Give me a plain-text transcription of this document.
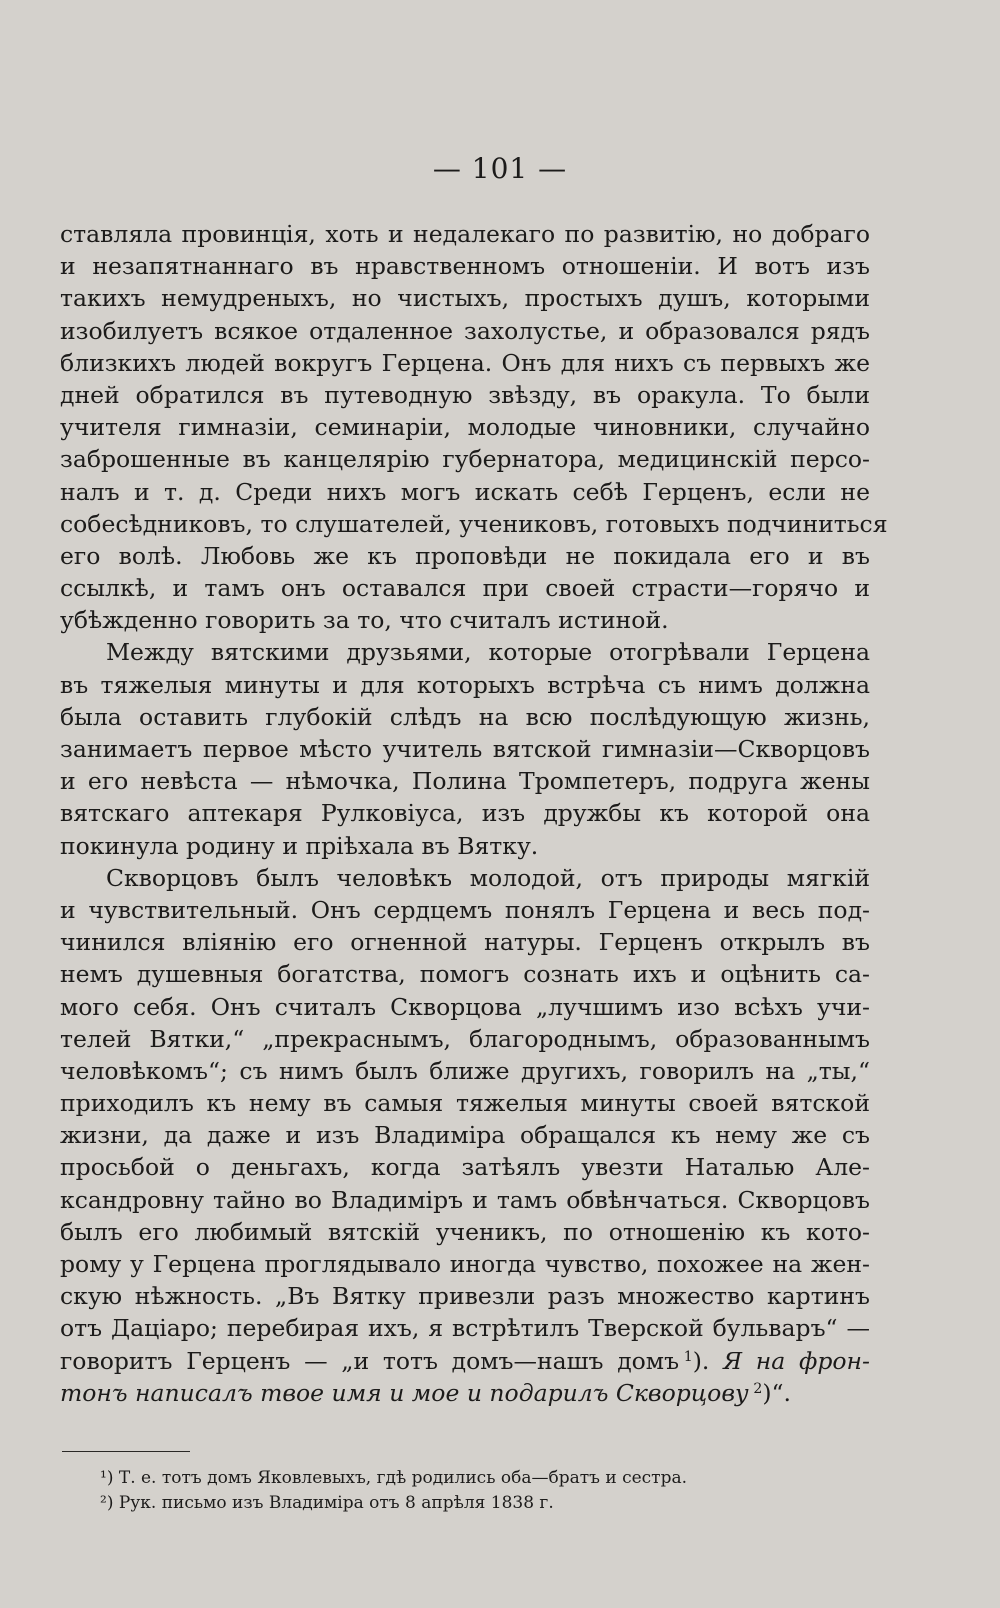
— 101 —
ставляла провинція, хоть и недалекаго по развитію, но добраго
и незапятнаннаго въ нравственномъ отношеніи. И вотъ изъ
такихъ немудреныхъ, но чистыхъ, простыхъ душъ, которыми
изобилуетъ всякое отдаленное захолустье, и образовался рядъ
близкихъ людей вокругъ Герцена. Онъ для нихъ съ первыхъ же
дней обратился въ путеводную звѣзду, въ оракула. То были
учителя гимназіи, семинаріи, молодые чиновники, случайно
заброшенные въ канцелярію губернатора, медицинскій персо-
налъ и т. д. Среди нихъ могъ искать себѣ Герценъ, если не
собесѣдниковъ, то слушателей, учениковъ, готовыхъ подчиниться
его волѣ. Любовь же къ проповѣди не покидала его и въ
ссылкѣ, и тамъ онъ оставался при своей страсти—горячо и
убѣжденно говорить за то, что считалъ истиной.
Между вятскими друзьями, которые отогрѣвали Герцена
въ тяжелыя минуты и для которыхъ встрѣча съ нимъ должна
была оставить глубокій слѣдъ на всю послѣдующую жизнь,
занимаетъ первое мѣсто учитель вятской гимназіи—Скворцовъ
и его невѣста — нѣмочка, Полина Тромпетеръ, подруга жены
вятскаго аптекаря Рулковіуса, изъ дружбы къ которой она
покинула родину и пріѣхала въ Вятку.
Скворцовъ былъ человѣкъ молодой, отъ природы мягкій
и чувствительный. Онъ сердцемъ понялъ Герцена и весь под-
чинился вліянію его огненной натуры. Герценъ открылъ въ
немъ душевныя богатства, помогъ сознать ихъ и оцѣнить са-
мого себя. Онъ считалъ Скворцова „лучшимъ изо всѣхъ учи-
телей Вятки,“ „прекраснымъ, благороднымъ, образованнымъ
человѣкомъ“; съ нимъ былъ ближе другихъ, говорилъ на „ты,“
приходилъ къ нему въ самыя тяжелыя минуты своей вятской
жизни, да даже и изъ Владиміра обращался къ нему же съ
просьбой о деньгахъ, когда затѣялъ увезти Наталью Але-
ксандровну тайно во Владиміръ и тамъ обвѣнчаться. Скворцовъ
былъ его любимый вятскій ученикъ, по отношенію къ кото-
рому у Герцена проглядывало иногда чувство, похожее на жен-
скую нѣжность. „Въ Вятку привезли разъ множество картинъ
отъ Даціаро; перебирая ихъ, я встрѣтилъ Тверской бульваръ“ —
говоритъ Герценъ — „и тотъ домъ—нашъ домъ  $^1$). Я на фрон-
тонъ написалъ твое имя и мое и подарилъ Скворцову  $^2$)“.
¹) Т. е. тотъ домъ Яковлевыхъ, гдѣ родились оба—братъ и сестра.
²) Рук. письмо изъ Владиміра отъ 8 апрѣля 1838 г.
